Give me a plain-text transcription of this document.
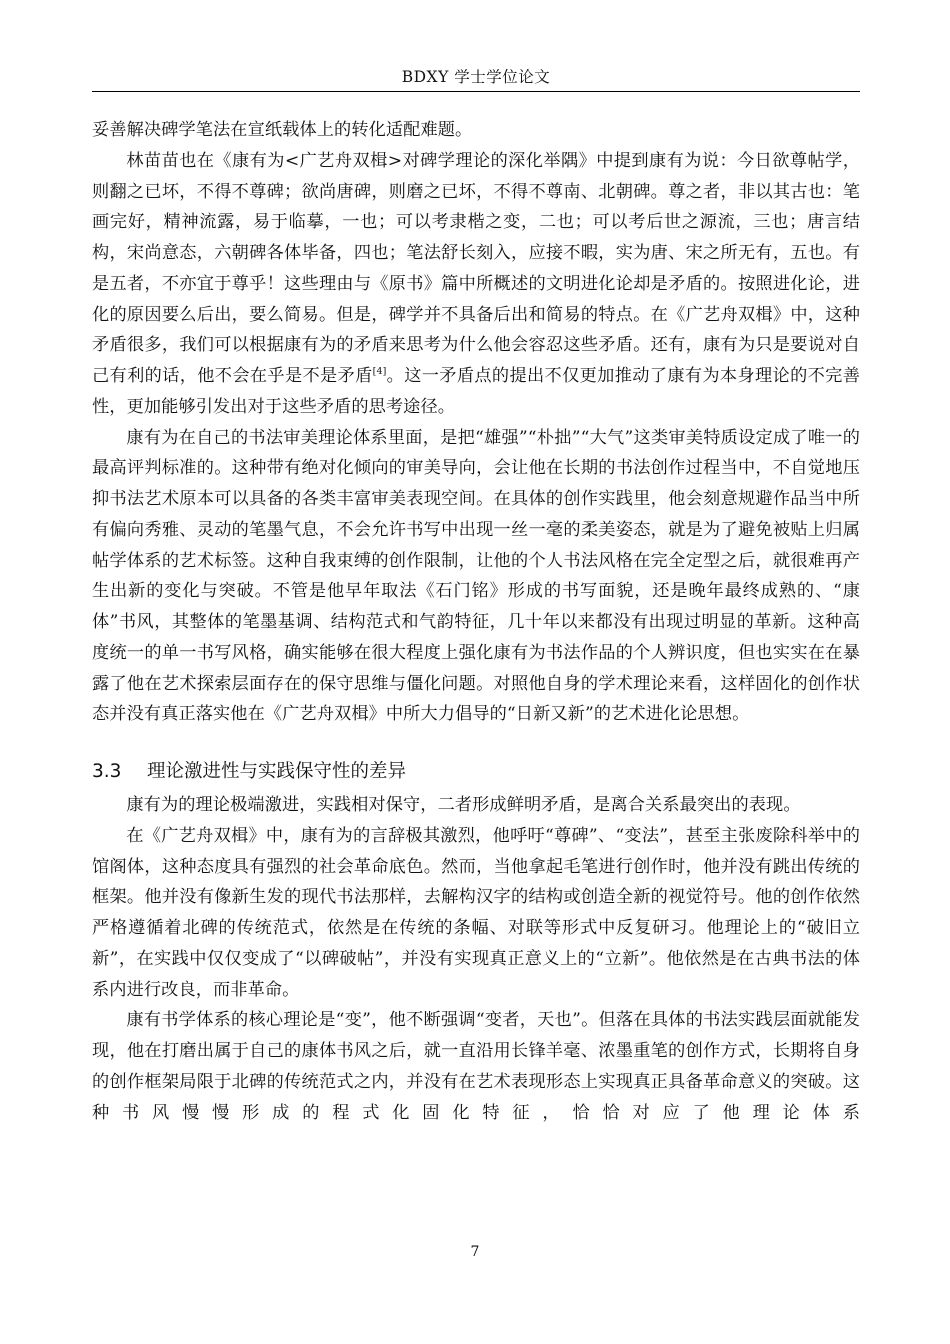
BDXY 学士学位论文

妥善解决碑学笔法在宣纸载体上的转化适配难题。

林苗苗也在《康有为<广艺舟双楫>对碑学理论的深化举隅》中提到康有为说：今日欲尊帖学，则翻之已坏，不得不尊碑；欲尚唐碑，则磨之已坏，不得不尊南、北朝碑。尊之者，非以其古也：笔画完好，精神流露，易于临摹，一也；可以考隶楷之变，二也；可以考后世之源流，三也；唐言结构，宋尚意态，六朝碑各体毕备，四也；笔法舒长刻入，应接不暇，实为唐、宋之所无有，五也。有是五者，不亦宜于尊乎！这些理由与《原书》篇中所概述的文明进化论却是矛盾的。按照进化论，进化的原因要么后出，要么简易。但是，碑学并不具备后出和简易的特点。在《广艺舟双楫》中，这种矛盾很多，我们可以根据康有为的矛盾来思考为什么他会容忍这些矛盾。还有，康有为只是要说对自己有利的话，他不会在乎是不是矛盾[4]。这一矛盾点的提出不仅更加推动了康有为本身理论的不完善性，更加能够引发出对于这些矛盾的思考途径。

康有为在自己的书法审美理论体系里面，是把“雄强”“朴拙”“大气”这类审美特质设定成了唯一的最高评判标准的。这种带有绝对化倾向的审美导向，会让他在长期的书法创作过程当中，不自觉地压抑书法艺术原本可以具备的各类丰富审美表现空间。在具体的创作实践里，他会刻意规避作品当中所有偏向秀雅、灵动的笔墨气息，不会允许书写中出现一丝一毫的柔美姿态，就是为了避免被贴上归属帖学体系的艺术标签。这种自我束缚的创作限制，让他的个人书法风格在完全定型之后，就很难再产生出新的变化与突破。不管是他早年取法《石门铭》形成的书写面貌，还是晚年最终成熟的、“康体”书风，其整体的笔墨基调、结构范式和气韵特征，几十年以来都没有出现过明显的革新。这种高度统一的单一书写风格，确实能够在很大程度上强化康有为书法作品的个人辨识度，但也实实在在暴露了他在艺术探索层面存在的保守思维与僵化问题。对照他自身的学术理论来看，这样固化的创作状态并没有真正落实他在《广艺舟双楫》中所大力倡导的“日新又新”的艺术进化论思想。

3.3 理论激进性与实践保守性的差异

康有为的理论极端激进，实践相对保守，二者形成鲜明矛盾，是离合关系最突出的表现。

在《广艺舟双楫》中，康有为的言辞极其激烈，他呼吁“尊碑”、“变法”，甚至主张废除科举中的馆阁体，这种态度具有强烈的社会革命底色。然而，当他拿起毛笔进行创作时，他并没有跳出传统的框架。他并没有像新生发的现代书法那样，去解构汉字的结构或创造全新的视觉符号。他的创作依然严格遵循着北碑的传统范式，依然是在传统的条幅、对联等形式中反复研习。他理论上的“破旧立新”，在实践中仅仅变成了“以碑破帖”，并没有实现真正意义上的“立新”。他依然是在古典书法的体系内进行改良，而非革命。

康有书学体系的核心理论是“变”，他不断强调“变者，天也”。但落在具体的书法实践层面就能发现，他在打磨出属于自己的康体书风之后，就一直沿用长锋羊毫、浓墨重笔的创作方式，长期将自身的创作框架局限于北碑的传统范式之内，并没有在艺术表现形态上实现真正具备革命意义的突破。这种书风慢慢形成的程式化固化特征，恰恰对应了他理论体系

7
